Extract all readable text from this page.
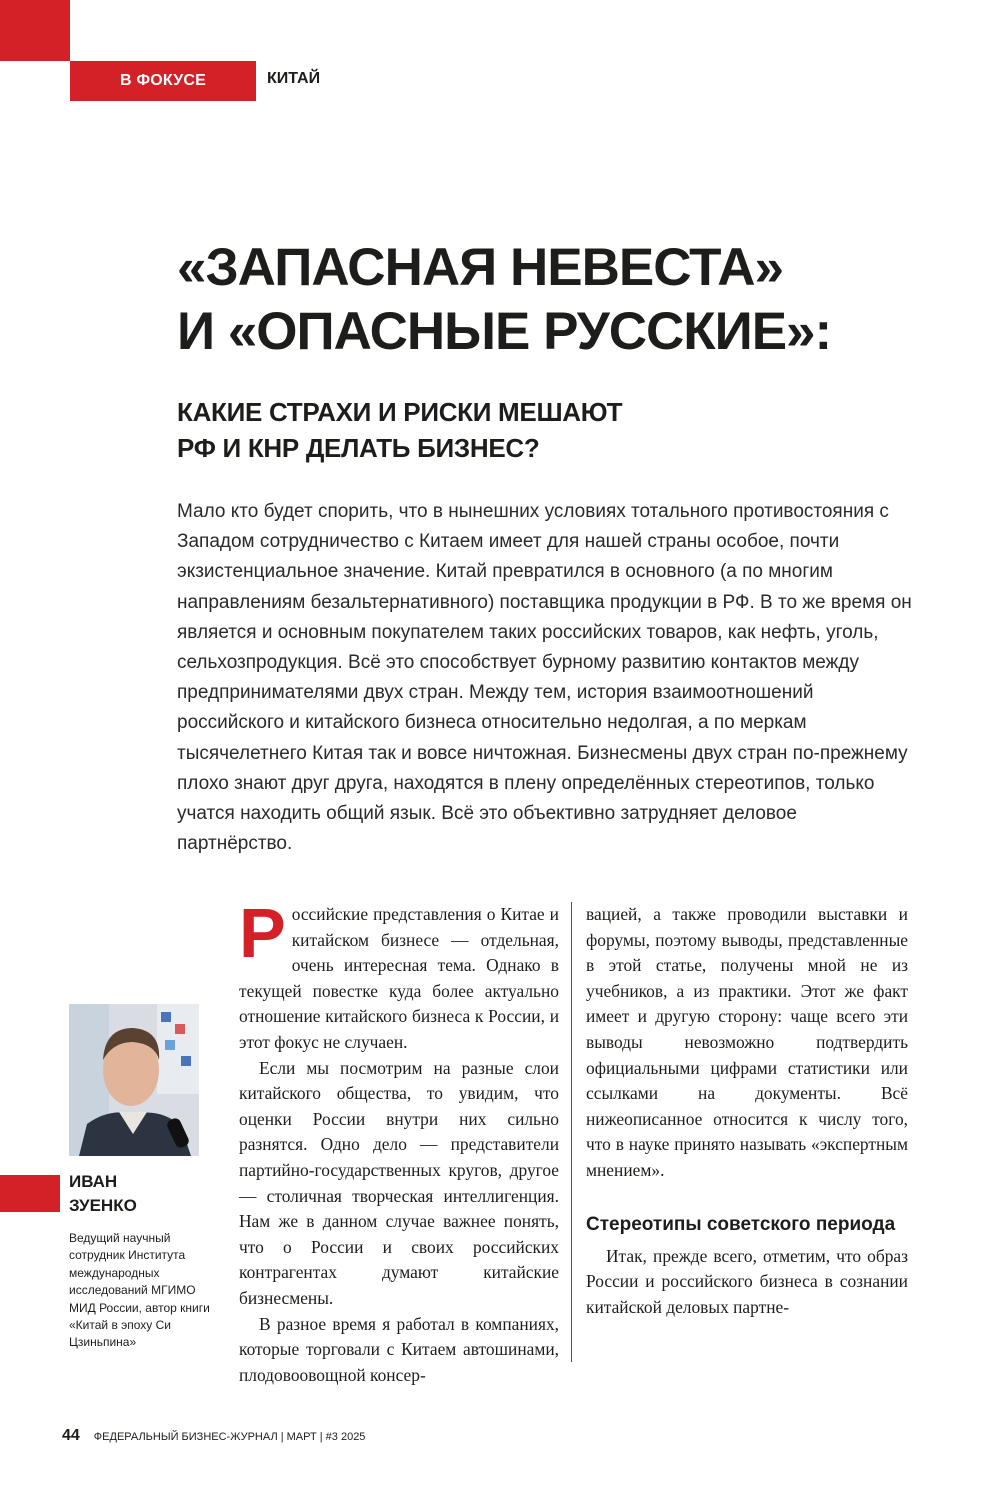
В ФОКУСЕ	КИТАЙ
«ЗАПАСНАЯ НЕВЕСТА»
И «ОПАСНЫЕ РУССКИЕ»:
КАКИЕ СТРАХИ И РИСКИ МЕШАЮТ
РФ И КНР ДЕЛАТЬ БИЗНЕС?
Мало кто будет спорить, что в нынешних условиях тотального противостояния с Западом сотрудничество с Китаем имеет для нашей страны особое, почти экзистенциальное значение. Китай превратился в основного (а по многим направлениям безальтернативного) поставщика продукции в РФ. В то же время он является и основным покупателем таких российских товаров, как нефть, уголь, сельхозпродукция. Всё это способствует бурному развитию контактов между предпринимателями двух стран. Между тем, история взаимоотношений российского и китайского бизнеса относительно недолгая, а по меркам тысячелетнего Китая так и вовсе ничтожная. Бизнесмены двух стран по-прежнему плохо знают друг друга, находятся в плену определённых стереотипов, только учатся находить общий язык. Всё это объективно затрудняет деловое партнёрство.
ИВАН
ЗУЕНКО
Ведущий научный сотрудник Института международных исследований МГИМО МИД России, автор книги «Китай в эпоху Си Цзиньпина»

Российские представления о Китае и китайском бизнесе — отдельная, очень интересная тема. Однако в текущей повестке куда более актуально отношение китайского бизнеса к России, и этот фокус не случаен.

Если мы посмотрим на разные слои китайского общества, то увидим, что оценки России внутри них сильно разнятся. Одно дело — представители партийно-государственных кругов, другое — столичная творческая интеллигенция. Нам же в данном случае важнее понять, что о России и своих российских контрагентах думают китайские бизнесмены.

В разное время я работал в компаниях, которые торговали с Китаем автошинами, плодовоовощной консер-

вацией, а также проводили выставки и форумы, поэтому выводы, представленные в этой статье, получены мной не из учебников, а из практики. Этот же факт имеет и другую сторону: чаще всего эти выводы невозможно подтвердить официальными цифрами статистики или ссылками на документы. Всё нижеописанное относится к числу того, что в науке принято называть «экспертным мнением».

Стереотипы советского периода

Итак, прежде всего, отметим, что образ России и российского бизнеса в сознании китайской деловых партне-

44 ФЕДЕРАЛЬНЫЙ БИЗНЕС-ЖУРНАЛ | МАРТ | #3 2025
